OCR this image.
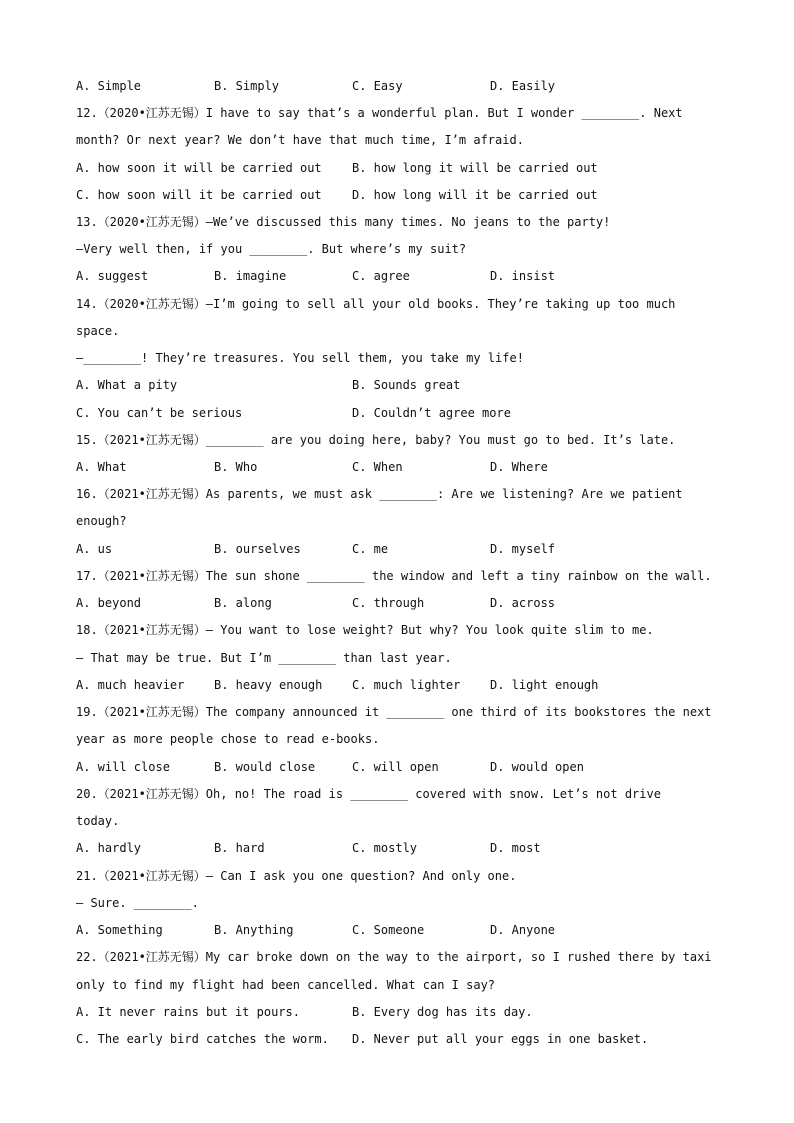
A. Simple	B. Simply	C. Easy	D. Easily
12.（2020•江苏无锡）I have to say that’s a wonderful plan. But I wonder ________. Next
month? Or next year? We don’t have that much time, I’m afraid.
A. how soon it will be carried out	B. how long it will be carried out
C. how soon will it be carried out	D. how long will it be carried out
13.（2020•江苏无锡）—We’ve discussed this many times. No jeans to the party!
—Very well then, if you ________. But where’s my suit?
A. suggest	B. imagine	C. agree	D. insist
14.（2020•江苏无锡）—I’m going to sell all your old books. They’re taking up too much
space.
—________! They’re treasures. You sell them, you take my life!
A. What a pity	B. Sounds great
C. You can’t be serious	D. Couldn’t agree more
15.（2021•江苏无锡）________ are you doing here, baby? You must go to bed. It’s late.
A. What	B. Who	C. When	D. Where
16.（2021•江苏无锡）As parents, we must ask ________: Are we listening? Are we patient
enough?
A. us	B. ourselves	C. me	D. myself
17.（2021•江苏无锡）The sun shone ________ the window and left a tiny rainbow on the wall.
A. beyond	B. along	C. through	D. across
18.（2021•江苏无锡）— You want to lose weight? But why? You look quite slim to me.
— That may be true. But I’m ________ than last year.
A. much heavier B. heavy enough C. much lighter D. light enough
19.（2021•江苏无锡）The company announced it ________ one third of its bookstores the next
year as more people chose to read e-books.
A. will close	B. would close	C. will open	D. would open
20.（2021•江苏无锡）Oh, no! The road is ________ covered with snow. Let’s not drive
today.
A. hardly	B. hard	C. mostly	D. most
21.（2021•江苏无锡）— Can I ask you one question? And only one.
— Sure. ________.
A. Something	B. Anything	C. Someone	D. Anyone
22.（2021•江苏无锡）My car broke down on the way to the airport, so I rushed there by taxi
only to find my flight had been cancelled. What can I say?
A. It never rains but it pours.	B. Every dog has its day.
C. The early bird catches the worm. D. Never put all your eggs in one basket.
